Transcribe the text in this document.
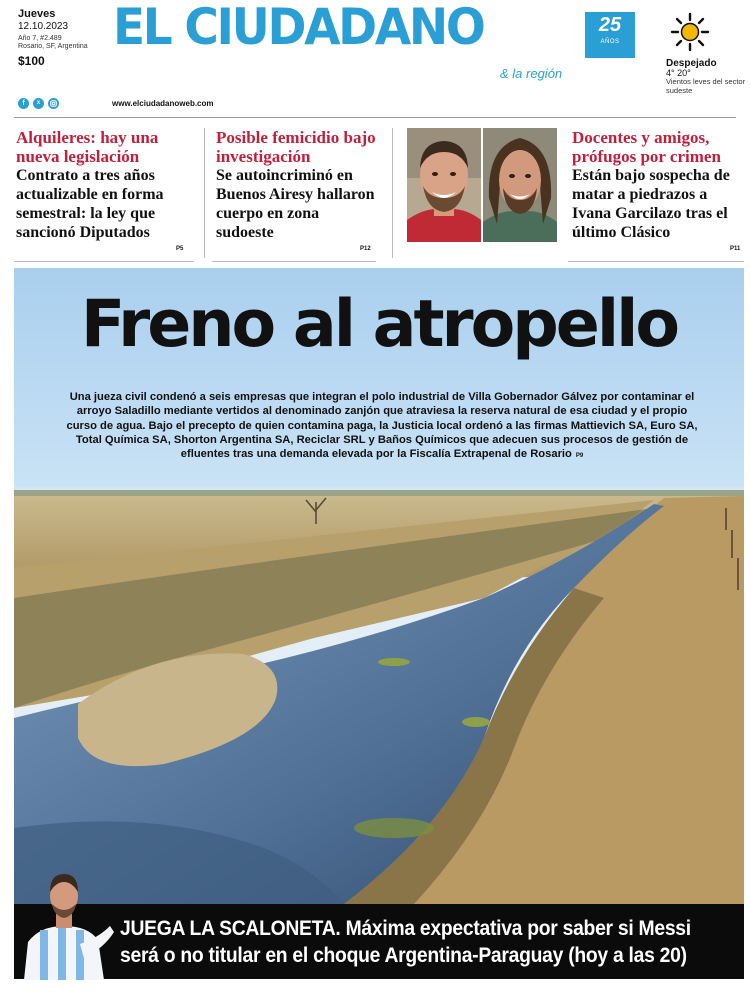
Jueves
12.10.2023
Año 7, #2.489
Rosario, SF, Argentina
$100
EL CIUDADANO	25
AÑOS
& la región
Despejado
4° 20°
Vientos leves del sector sudeste
f	x	www.elciudadanoweb.com
Alquileres: hay una nueva legislación
Contrato a tres años actualizable en forma semestral: la ley que sancionó Diputados
P5
Posible femicidio bajo investigación
Se autoincriminó en Buenos Airesy hallaron cuerpo en zona sudoeste
P12
Docentes y amigos, prófugos por crimen
Están bajo sospecha de matar a piedrazos a Ivana Garcilazo tras el último Clásico
P11
Freno al atropello
Una jueza civil condenó a seis empresas que integran el polo industrial de Villa Gobernador Gálvez por contaminar el arroyo Saladillo mediante vertidos al denominado zanjón que atraviesa la reserva natural de esa ciudad y el propio curso de agua. Bajo el precepto de quien contamina paga, la Justicia local ordenó a las firmas Mattievich SA, Euro SA, Total Química SA, Shorton Argentina SA, Reciclar SRL y Baños Químicos que adecuen sus procesos de gestión de efluentes tras una demanda elevada por la Fiscalía Extrapenal de Rosario P9
JUEGA LA SCALONETA. Máxima expectativa por saber si Messi
será o no titular en el choque Argentina-Paraguay (hoy a las 20)
